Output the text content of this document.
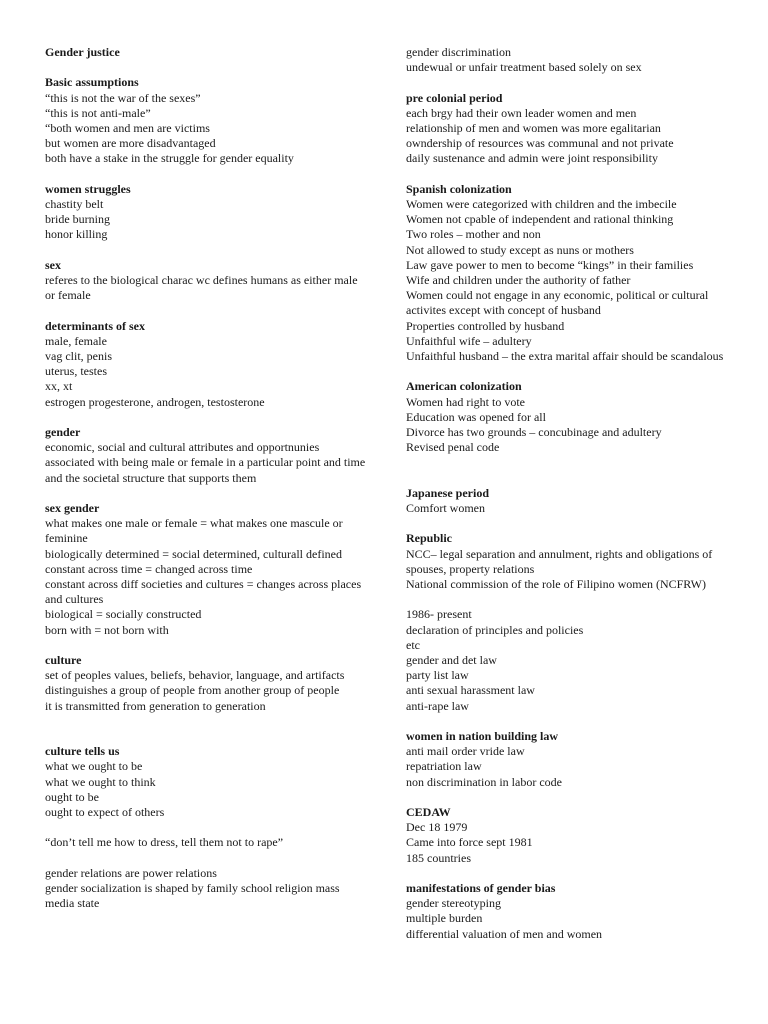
Gender justice
Basic assumptions
“this is not the war of the sexes”
“this is not anti-male”
“both women and men are victims
but women are more disadvantaged
both have a stake in the struggle for gender equality
women struggles
chastity belt
bride burning
honor killing
sex
referes to the biological charac wc defines humans as either male or female
determinants of sex
male, female
vag clit, penis
uterus, testes
xx, xt
estrogen progesterone, androgen, testosterone
gender
economic, social and cultural attributes and opportnunies associated with being male or female in a particular point and time and the societal structure that supports them
sex gender
what makes one male or female = what makes one mascule or feminine
biologically determined = social determined, culturall defined
constant across time = changed across time
constant across diff societies and cultures = changes across places and cultures
biological = socially constructed
born with = not born with
culture
set of peoples values, beliefs, behavior, language, and artifacts
distinguishes a group of people from another group of people
it is transmitted from generation to generation
culture tells us
what we ought to be
what we ought to think
ought to be
ought to expect of others
“don’t tell me how to dress, tell them not to rape”
gender relations are power relations
gender socialization is shaped by family school religion mass media state
gender discrimination
undewual or unfair treatment based solely on sex
pre colonial period
each brgy had their own leader women and men
relationship of men and women was more egalitarian
owndership of resources was communal and not private
daily sustenance and admin were joint responsibility
Spanish colonization
Women were categorized with children and the imbecile
Women not cpable of independent and rational thinking
Two roles – mother and non
Not allowed to study except as nuns or mothers
Law gave power to men to become “kings” in their families
Wife and children under the authority of father
Women could not engage in any economic, political or cultural activites except with concept of husband
Properties controlled by husband
Unfaithful wife – adultery
Unfaithful husband – the extra marital affair should be scandalous
American colonization
Women had right to vote
Education was opened for all
Divorce has two grounds – concubinage and adultery
Revised penal code
Japanese period
Comfort women
Republic
NCC– legal separation and annulment, rights and obligations of spouses, property relations
National commission of the role of Filipino women (NCFRW)
1986- present
declaration of principles and policies
etc
gender and det law
party list law
anti sexual harassment law
anti-rape law
women in nation building law
anti mail order vride law
repatriation law
non discrimination in labor code
CEDAW
Dec 18 1979
Came into force sept 1981
185 countries
manifestations of gender bias
gender stereotyping
multiple burden
differential valuation of men and women
